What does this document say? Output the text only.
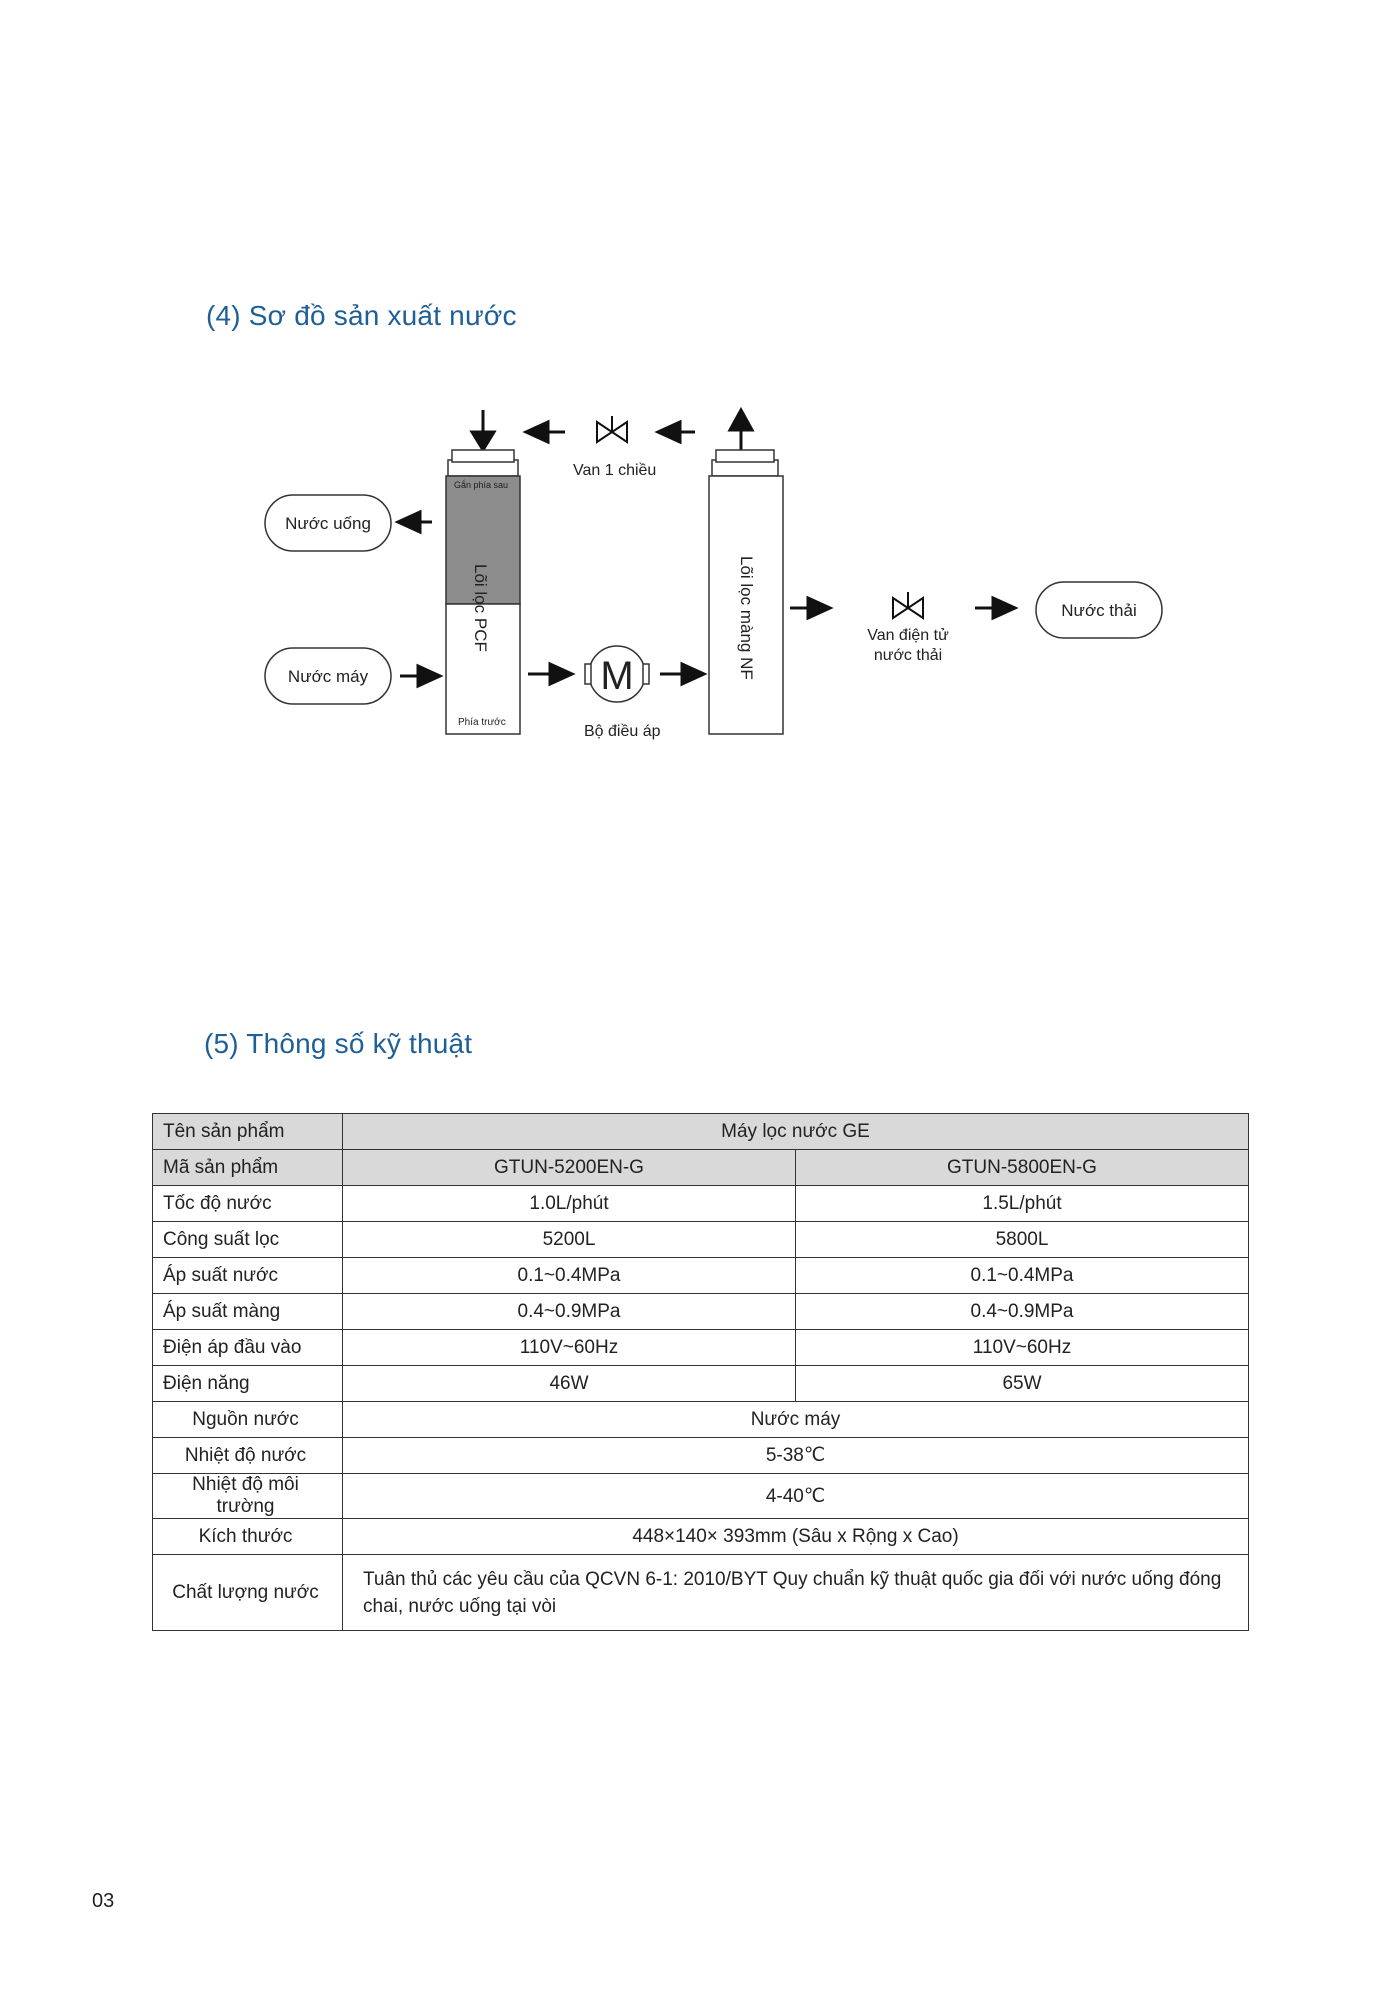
(4) Sơ đồ sản xuất nước
Van 1 chiều
Gắn phía sau
Phía trước
Lõi lọc PCF	Lõi lọc màng NF
Nước uống
Nước máy
Nước thải
M
Bộ điều áp
Van điện tử
nước thải
(5) Thông số kỹ thuật
Tên sản phẩm	Máy lọc nước GE	
Mã sản phẩm	GTUN-5200EN-G	GTUN-5800EN-G
Tốc độ nước	1.0L/phút	1.5L/phút
Công suất lọc	5200L	5800L
Áp suất nước	0.1~0.4MPa	0.1~0.4MPa
Áp suất màng	0.4~0.9MPa	0.4~0.9MPa
Điện áp đầu vào	110V~60Hz	110V~60Hz
Điện năng	46W	65W
Nguồn nước	Nước máy	
Nhiệt độ nước	5-38℃	
Nhiệt độ môi trường	4-40℃	
Kích thước	448×140× 393mm (Sâu x Rộng x Cao)	
Chất lượng nước	Tuân thủ các yêu cầu của QCVN 6-1: 2010/BYT Quy chuẩn kỹ thuật quốc gia đối với nước uống đóng chai, nước uống tại vòi	
03
